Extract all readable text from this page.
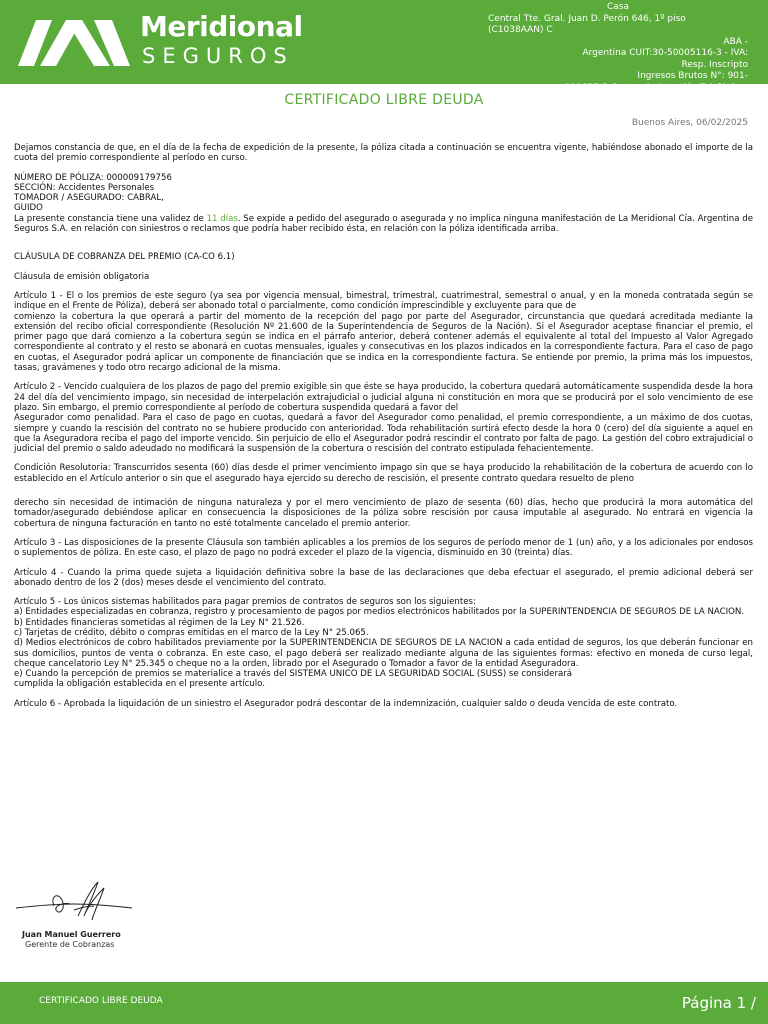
Meridional
SEGUROS
Casa
Central Tte. Gral. Juan D. Perón 646, 1º piso
(C1038AAN) C
ABA -
Argentina CUIT:30-50005116-3 - IVA:
Resp. Inscripto
Ingresos Brutos N°: 901-
913627-5 Centro de Atención Telefónica:
CERTIFICADO LIBRE DEUDA
Buenos Aires, 06/02/2025

Dejamos constancia de que, en el día de la fecha de expedición de la presente, la póliza citada a continuación se encuentra vigente, habiéndose abonado el importe de la cuota del premio correspondiente al período en curso.

NÚMERO DE PÓLIZA: 000009179756

SECCIÓN: Accidentes Personales

TOMADOR / ASEGURADO: CABRAL,

GUIDO

La presente constancia tiene una validez de 11 días. Se expide a pedido del asegurado o asegurada y no implica ninguna manifestación de La Meridional Cía. Argentina de Seguros S.A. en relación con siniestros o reclamos que podría haber recibido ésta, en relación con la póliza identificada arriba.

CLÁUSULA DE COBRANZA DEL PREMIO (CA-CO 6.1)

Cláusula de emisión obligatoria

Artículo 1 - El o los premios de este seguro (ya sea por vigencia mensual, bimestral, trimestral, cuatrimestral, semestral o anual, y en la moneda contratada según se indique en el Frente de Póliza), deberá ser abonado total o parcialmente, como condición imprescindible y excluyente para que de

comienzo la cobertura la que operará a partir del momento de la recepción del pago por parte del Asegurador, circunstancia que quedará acreditada mediante la extensión del recibo oficial correspondiente (Resolución Nº 21.600 de la Superintendencia de Seguros de la Nación). Si el Asegurador aceptase financiar el premio, el primer pago que dará comienzo a la cobertura según se indica en el párrafo anterior, deberá contener además el equivalente al total del Impuesto al Valor Agregado correspondiente al contrato y el resto se abonará en cuotas mensuales, iguales y consecutivas en los plazos indicados en la correspondiente factura. Para el caso de pago en cuotas, el Asegurador podrá aplicar un componente de financiación que se indica en la correspondiente factura. Se entiende por premio, la prima más los impuestos, tasas, gravámenes y todo otro recargo adicional de la misma.

Artículo 2 - Vencido cualquiera de los plazos de pago del premio exigible sin que éste se haya producido, la cobertura quedará automáticamente suspendida desde la hora 24 del día del vencimiento impago, sin necesidad de interpelación extrajudicial o judicial alguna ni constitución en mora que se producirá por el solo vencimiento de ese plazo. Sin embargo, el premio correspondiente al período de cobertura suspendida quedará a favor del

Asegurador como penalidad. Para el caso de pago en cuotas, quedará a favor del Asegurador como penalidad, el premio correspondiente, a un máximo de dos cuotas, siempre y cuando la rescisión del contrato no se hubiere producido con anterioridad. Toda rehabilitación surtirá efecto desde la hora 0 (cero) del día siguiente a aquel en que la Aseguradora reciba el pago del importe vencido. Sin perjuicio de ello el Asegurador podrá rescindir el contrato por falta de pago. La gestión del cobro extrajudicial o judicial del premio o saldo adeudado no modificará la suspensión de la cobertura o rescisión del contrato estipulada fehacientemente.

Condición Resolutoria: Transcurridos sesenta (60) días desde el primer vencimiento impago sin que se haya producido la rehabilitación de la cobertura de acuerdo con lo establecido en el Artículo anterior o sin que el asegurado haya ejercido su derecho de rescisión, el presente contrato quedara resuelto de pleno

derecho sin necesidad de intimación de ninguna naturaleza y por el mero vencimiento de plazo de sesenta (60) días, hecho que producirá la mora automática del tomador/asegurado debiéndose aplicar en consecuencia la disposiciones de la póliza sobre rescisión por causa imputable al asegurado. No entrará en vigencia la cobertura de ninguna facturación en tanto no esté totalmente cancelado el premio anterior.

Artículo 3 - Las disposiciones de la presente Cláusula son también aplicables a los premios de los seguros de período menor de 1 (un) año, y a los adicionales por endosos o suplementos de póliza. En este caso, el plazo de pago no podrá exceder el plazo de la vigencia, disminuido en 30 (treinta) días.

Artículo 4 - Cuando la prima quede sujeta a liquidación definitiva sobre la base de las declaraciones que deba efectuar el asegurado, el premio adicional deberá ser abonado dentro de los 2 (dos) meses desde el vencimiento del contrato.

Artículo 5 - Los únicos sistemas habilitados para pagar premios de contratos de seguros son los siguientes:

a) Entidades especializadas en cobranza, registro y procesamiento de pagos por medios electrónicos habilitados por la SUPERINTENDENCIA DE SEGUROS DE LA NACION.

b) Entidades financieras sometidas al régimen de la Ley N° 21.526.

c) Tarjetas de crédito, débito o compras emitidas en el marco de la Ley N° 25.065.

d) Medios electrónicos de cobro habilitados previamente por la SUPERINTENDENCIA DE SEGUROS DE LA NACION a cada entidad de seguros, los que deberán funcionar en sus domicilios, puntos de venta o cobranza. En este caso, el pago deberá ser realizado mediante alguna de las siguientes formas: efectivo en moneda de curso legal, cheque cancelatorio Ley N° 25.345 o cheque no a la orden, librado por el Asegurado o Tomador a favor de la entidad Aseguradora.

e) Cuando la percepción de premios se materialice a través del SISTEMA UNICO DE LA SEGURIDAD SOCIAL (SUSS) se considerará

cumplida la obligación establecida en el presente artículo.

Artículo 6 - Aprobada la liquidación de un siniestro el Asegurador podrá descontar de la indemnización, cualquier saldo o deuda vencida de este contrato.

Juan Manuel Guerrero
Gerente de Cobranzas
CERTIFICADO LIBRE DEUDA	Página 1 /
